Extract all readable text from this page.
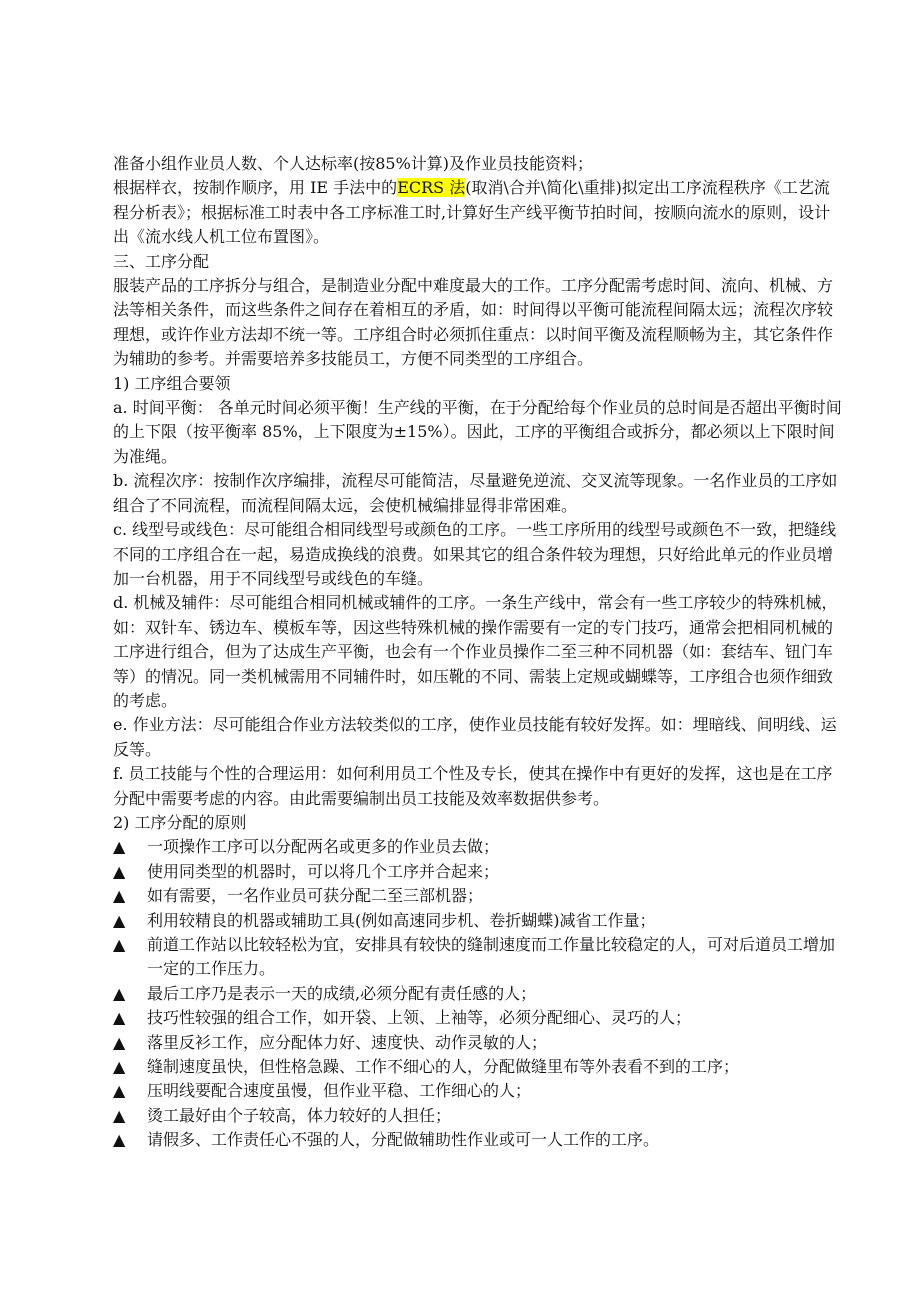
准备小组作业员人数、个人达标率(按85%计算)及作业员技能资料；

根据样衣，按制作顺序，用 IE 手法中的ECRS 法(取消\合并\简化\重排)拟定出工序流程秩序《工艺流程分析表》；根据标准工时表中各工序标准工时,计算好生产线平衡节拍时间，按顺向流水的原则，设计出《流水线人机工位布置图》。

三、工序分配

服装产品的工序拆分与组合，是制造业分配中难度最大的工作。工序分配需考虑时间、流向、机械、方法等相关条件，而这些条件之间存在着相互的矛盾，如：时间得以平衡可能流程间隔太远；流程次序较理想，或许作业方法却不统一等。工序组合时必须抓住重点：以时间平衡及流程顺畅为主，其它条件作为辅助的参考。并需要培养多技能员工，方便不同类型的工序组合。

1) 工序组合要领

a. 时间平衡： 各单元时间必须平衡！生产线的平衡，在于分配给每个作业员的总时间是否超出平衡时间的上下限（按平衡率 85%，上下限度为±15%）。因此，工序的平衡组合或拆分，都必须以上下限时间为准绳。

b. 流程次序：按制作次序编排，流程尽可能简洁，尽量避免逆流、交叉流等现象。一名作业员的工序如组合了不同流程，而流程间隔太远，会使机械编排显得非常困难。

c. 线型号或线色：尽可能组合相同线型号或颜色的工序。一些工序所用的线型号或颜色不一致，把缝线不同的工序组合在一起，易造成换线的浪费。如果其它的组合条件较为理想，只好给此单元的作业员增加一台机器，用于不同线型号或线色的车缝。

d. 机械及辅件：尽可能组合相同机械或辅件的工序。一条生产线中，常会有一些工序较少的特殊机械，如：双针车、锈边车、模板车等，因这些特殊机械的操作需要有一定的专门技巧，通常会把相同机械的工序进行组合，但为了达成生产平衡，也会有一个作业员操作二至三种不同机器（如：套结车、钮门车等）的情况。同一类机械需用不同辅件时，如压靴的不同、需装上定规或蝴蝶等，工序组合也须作细致的考虑。

e. 作业方法：尽可能组合作业方法较类似的工序，使作业员技能有较好发挥。如：埋暗线、间明线、运反等。

f. 员工技能与个性的合理运用：如何利用员工个性及专长，使其在操作中有更好的发挥，这也是在工序分配中需要考虑的内容。由此需要编制出员工技能及效率数据供参考。

2) 工序分配的原则

▲	一项操作工序可以分配两名或更多的作业员去做；
▲	使用同类型的机器时，可以将几个工序并合起来；
▲	如有需要，一名作业员可获分配二至三部机器；
▲	利用较精良的机器或辅助工具(例如高速同步机、卷折蝴蝶)减省工作量；
▲	前道工作站以比较轻松为宜，安排具有较快的缝制速度而工作量比较稳定的人，可对后道员工增加一定的工作压力。
▲	最后工序乃是表示一天的成绩,必须分配有责任感的人；
▲	技巧性较强的组合工作，如开袋、上领、上袖等，必须分配细心、灵巧的人；
▲	落里反衫工作，应分配体力好、速度快、动作灵敏的人；
▲	缝制速度虽快，但性格急躁、工作不细心的人，分配做缝里布等外表看不到的工序；
▲	压明线要配合速度虽慢，但作业平稳、工作细心的人；
▲	烫工最好由个子较高，体力较好的人担任；
▲	请假多、工作责任心不强的人，分配做辅助性作业或可一人工作的工序。
